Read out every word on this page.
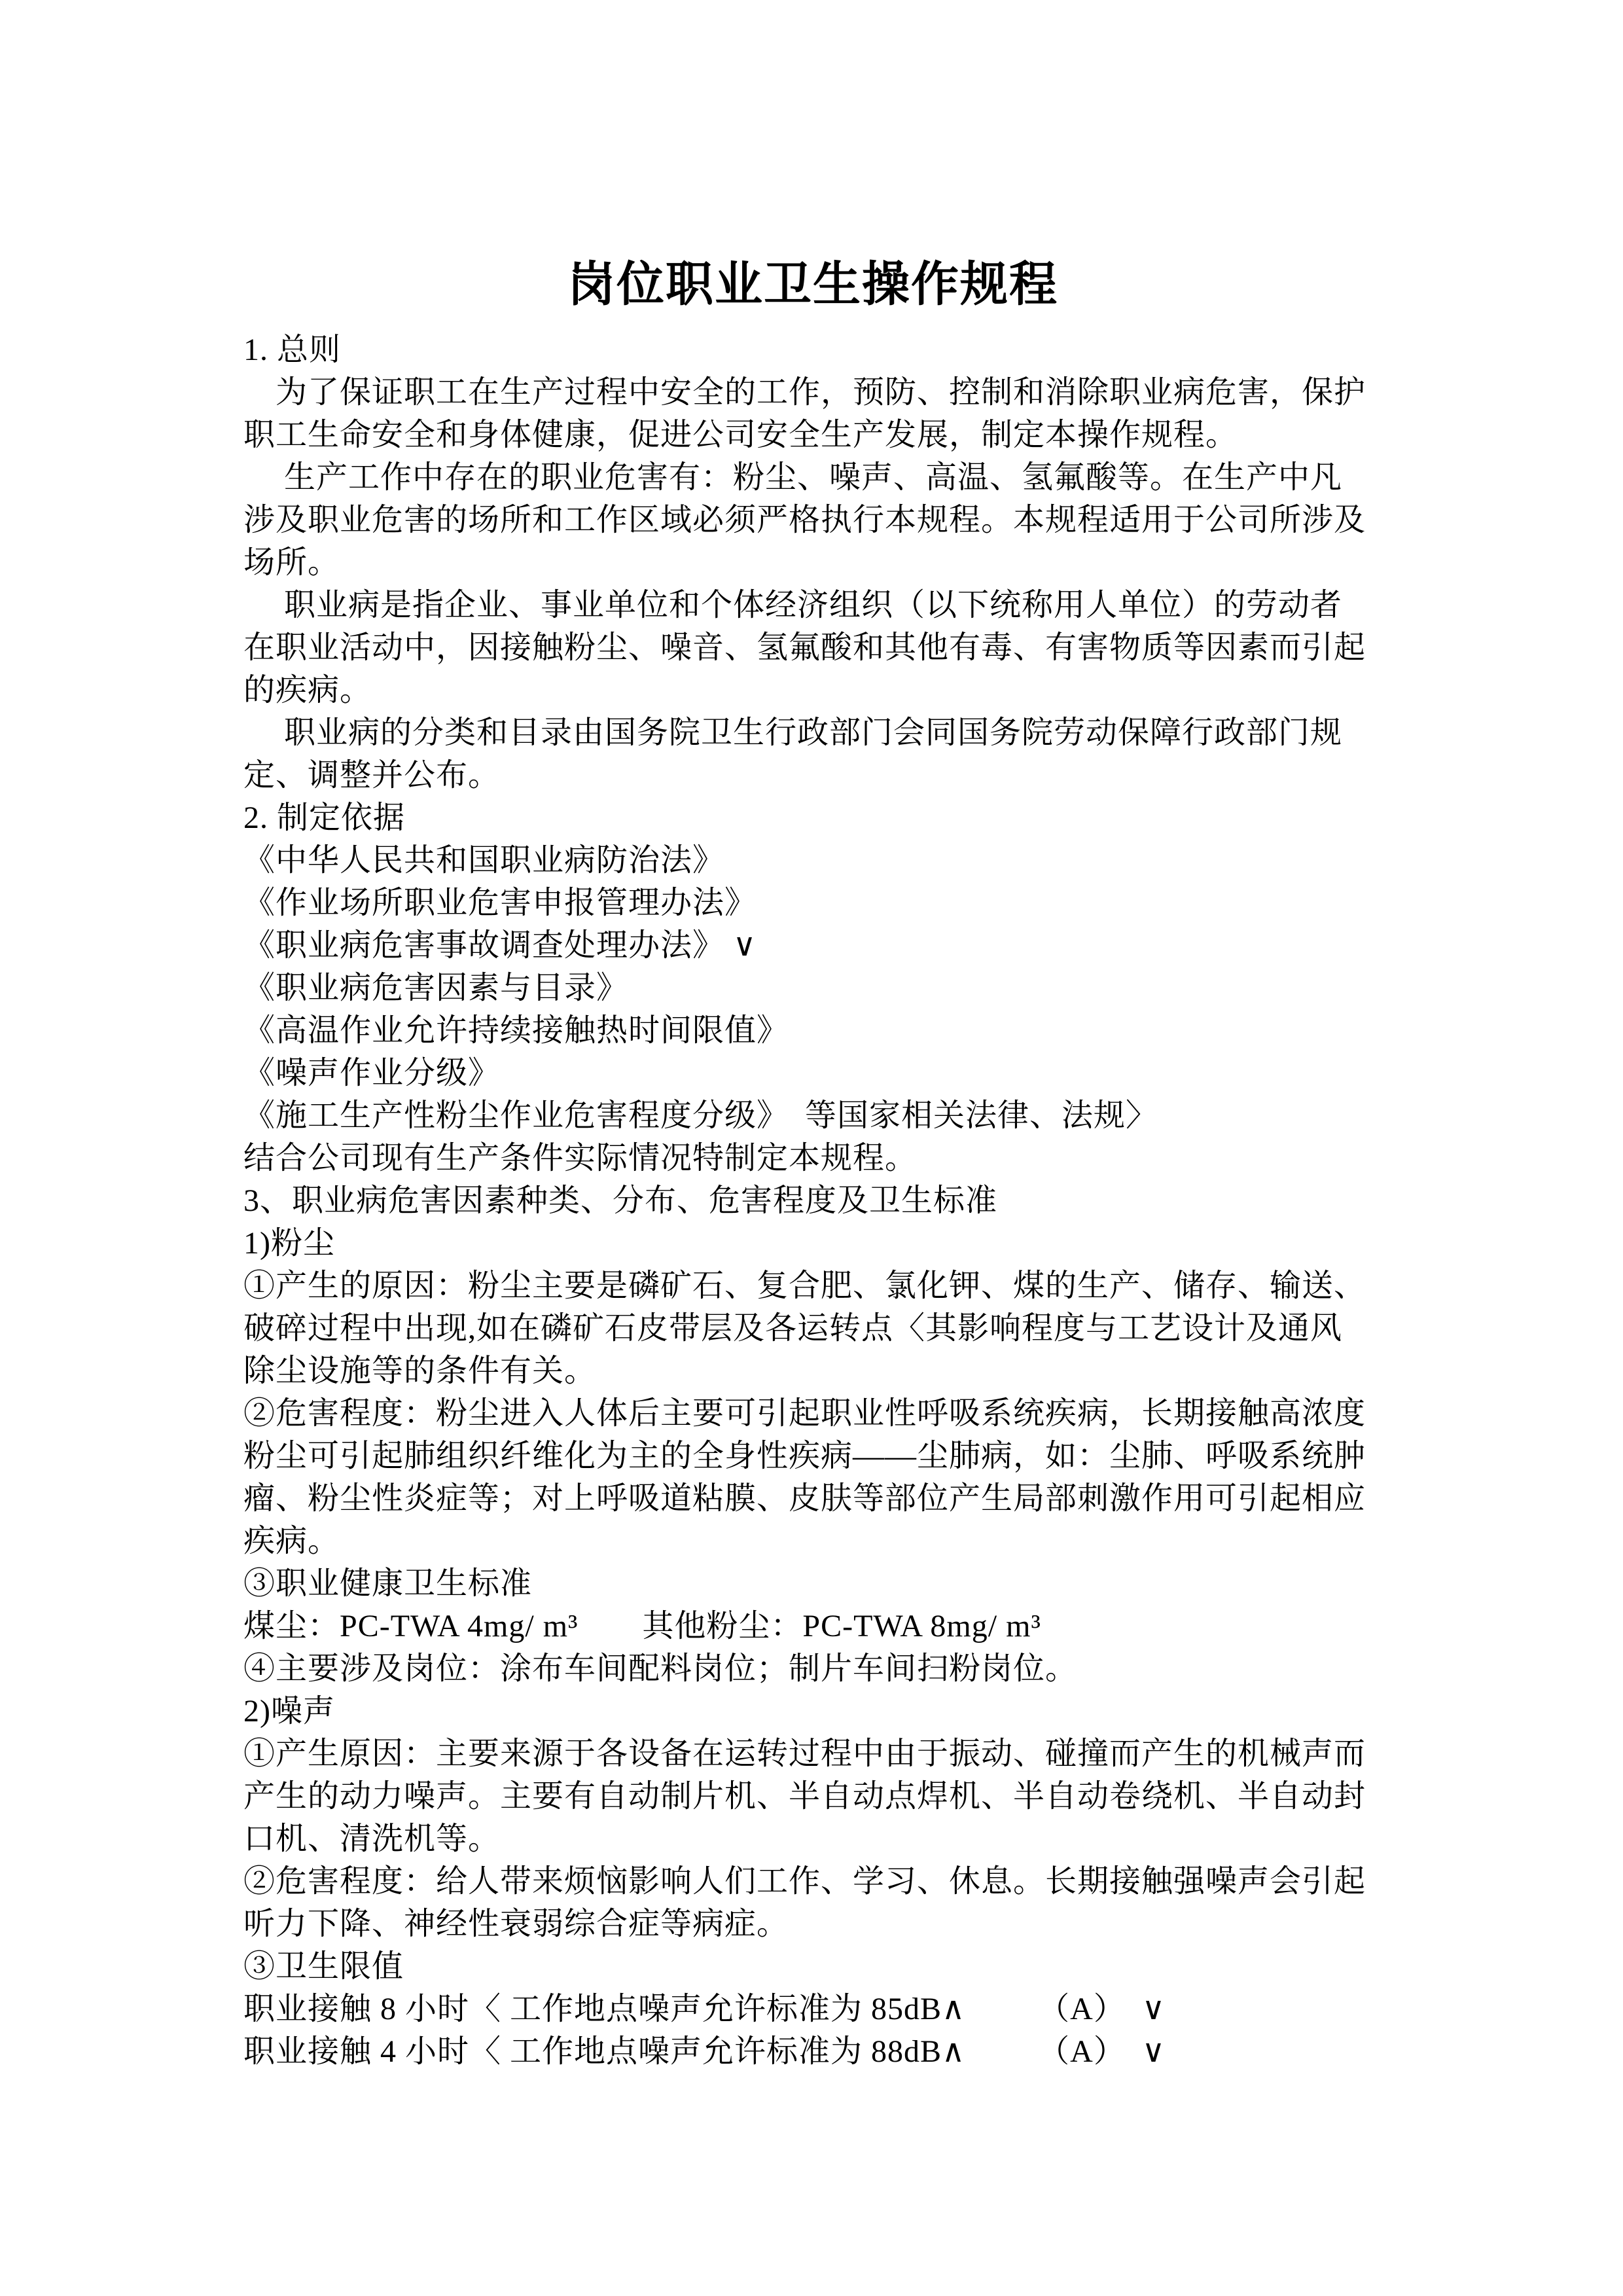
岗位职业卫生操作规程
1. 总则
　为了保证职工在生产过程中安全的工作，预防、控制和消除职业病危害，保护
职工生命安全和身体健康，促进公司安全生产发展，制定本操作规程。
　 生产工作中存在的职业危害有：粉尘、噪声、高温、氢氟酸等。在生产中凡
涉及职业危害的场所和工作区域必须严格执行本规程。本规程适用于公司所涉及
场所。
　 职业病是指企业、事业单位和个体经济组织（以下统称用人单位）的劳动者
在职业活动中，因接触粉尘、噪音、氢氟酸和其他有毒、有害物质等因素而引起
的疾病。
　 职业病的分类和目录由国务院卫生行政部门会同国务院劳动保障行政部门规
定、调整并公布。
2. 制定依据
《中华人民共和国职业病防治法》
《作业场所职业危害申报管理办法》
《职业病危害事故调查处理办法》 ∨
《职业病危害因素与目录》
《高温作业允许持续接触热时间限值》
《噪声作业分级》
《施工生产性粉尘作业危害程度分级》　等国家相关法律、法规〉
结合公司现有生产条件实际情况特制定本规程。
3、职业病危害因素种类、分布、危害程度及卫生标准
1)粉尘
①产生的原因：粉尘主要是磷矿石、复合肥、氯化钾、煤的生产、储存、输送、
破碎过程中出现,如在磷矿石皮带层及各运转点〈其影响程度与工艺设计及通风
除尘设施等的条件有关。
②危害程度：粉尘进入人体后主要可引起职业性呼吸系统疾病，长期接触高浓度
粉尘可引起肺组织纤维化为主的全身性疾病——尘肺病，如：尘肺、呼吸系统肿
瘤、粉尘性炎症等；对上呼吸道粘膜、皮肤等部位产生局部刺激作用可引起相应
疾病。
③职业健康卫生标准
煤尘：PC-TWA 4mg/ m³　　其他粉尘：PC-TWA 8mg/ m³
④主要涉及岗位：涂布车间配料岗位；制片车间扫粉岗位。
2)噪声
①产生原因：主要来源于各设备在运转过程中由于振动、碰撞而产生的机械声而
产生的动力噪声。主要有自动制片机、半自动点焊机、半自动卷绕机、半自动封
口机、清洗机等。
②危害程度：给人带来烦恼影响人们工作、学习、休息。长期接触强噪声会引起
听力下降、神经性衰弱综合症等病症。
③卫生限值
职业接触 8 小时〈 工作地点噪声允许标准为 85dB∧　　 （A）　∨
职业接触 4 小时〈 工作地点噪声允许标准为 88dB∧　　 （A）　∨
